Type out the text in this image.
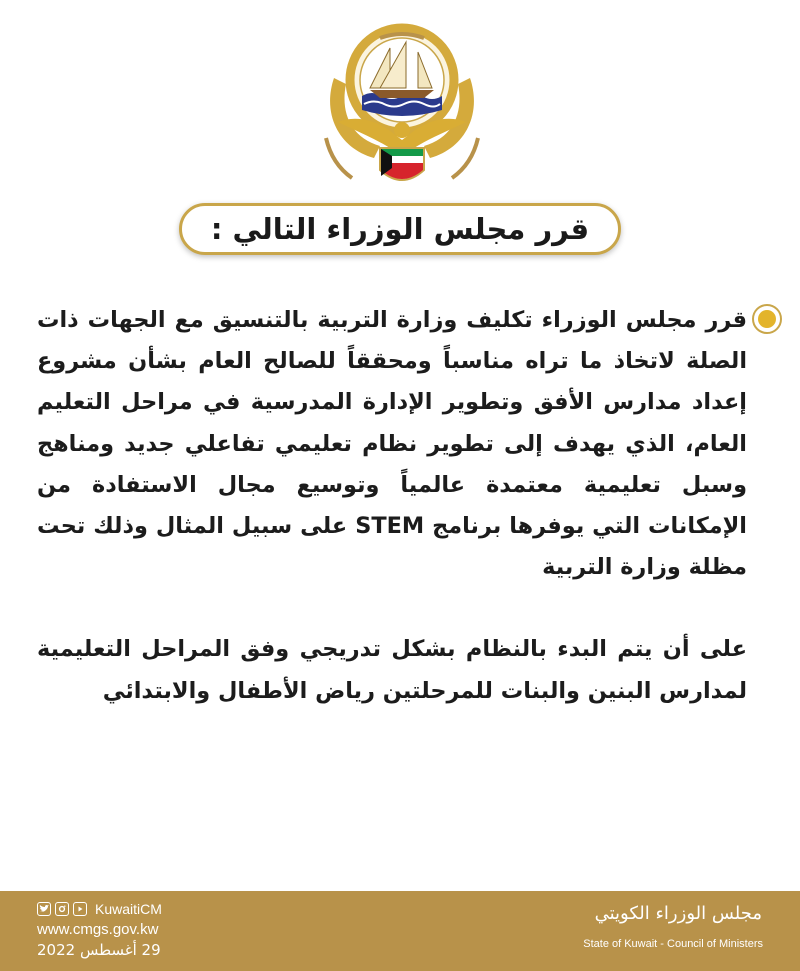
قرر مجلس الوزراء التالي :

قرر مجلس الوزراء تكليف وزارة التربية بالتنسيق مع الجهات ذات الصلة لاتخاذ ما تراه مناسباً ومحققاً للصالح العام بشأن مشروع إعداد مدارس الأفق وتطوير الإدارة المدرسية في مراحل التعليم العام، الذي يهدف إلى تطوير نظام تعليمي تفاعلي جديد ومناهج وسبل تعليمية معتمدة عالمياً وتوسيع مجال الاستفادة من الإمكانات التي يوفرها برنامج STEM على سبيل المثال وذلك تحت مظلة وزارة التربية

على أن يتم البدء بالنظام بشكل تدريجي وفق المراحل التعليمية لمدارس البنين والبنات للمرحلتين رياض الأطفال والابتدائي

KuwaitiCM
www.cmgs.gov.kw
29 أغسطس 2022
مجلس الوزراء الكويتي
State of Kuwait - Council of Ministers
